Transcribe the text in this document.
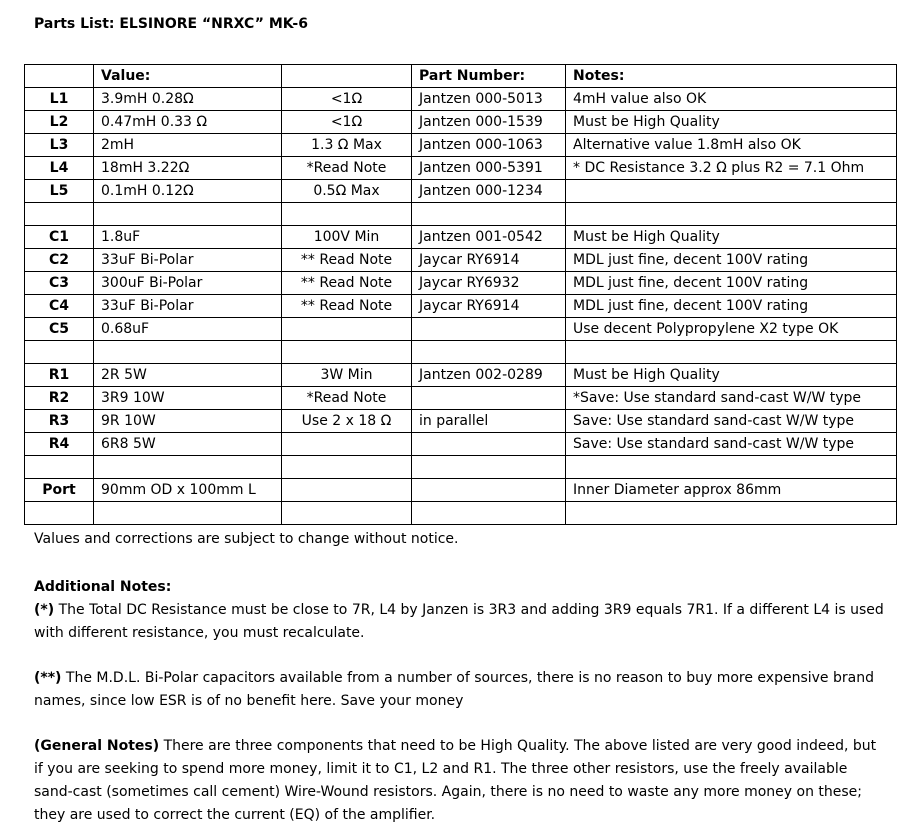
Parts List: ELSINORE “NRXC” MK-6
	Value:		Part Number:	Notes:
L1	3.9mH 0.28Ω	<1Ω	Jantzen 000-5013	4mH value also OK
L2	0.47mH 0.33 Ω	<1Ω	Jantzen 000-1539	Must be High Quality
L3	2mH	1.3 Ω Max	Jantzen 000-1063	Alternative value 1.8mH also OK
L4	18mH 3.22Ω	*Read Note	Jantzen 000-5391	* DC Resistance 3.2 Ω plus R2 = 7.1 Ohm
L5	0.1mH 0.12Ω	0.5Ω Max	Jantzen 000-1234	

C1	1.8uF	100V Min	Jantzen 001-0542	Must be High Quality
C2	33uF Bi-Polar	** Read Note	Jaycar RY6914	MDL just fine, decent 100V rating
C3	300uF Bi-Polar	** Read Note	Jaycar RY6932	MDL just fine, decent 100V rating
C4	33uF Bi-Polar	** Read Note	Jaycar RY6914	MDL just fine, decent 100V rating
C5	0.68uF			Use decent Polypropylene X2 type OK

R1	2R 5W	3W Min	Jantzen 002-0289	Must be High Quality
R2	3R9 10W	*Read Note		*Save: Use standard sand-cast W/W type
R3	9R 10W	Use 2 x 18 Ω	in parallel	Save: Use standard sand-cast W/W type
R4	6R8 5W			Save: Use standard sand-cast W/W type

Port	90mm OD x 100mm L			Inner Diameter approx 86mm

Values and corrections are subject to change without notice.

Additional Notes:

(*) The Total DC Resistance must be close to 7R, L4 by Janzen is 3R3 and adding 3R9 equals 7R1. If a different L4 is used with different resistance, you must recalculate.

(**) The M.D.L. Bi-Polar capacitors available from a number of sources, there is no reason to buy more expensive brand names, since low ESR is of no benefit here. Save your money

(General Notes) There are three components that need to be High Quality. The above listed are very good indeed, but if you are seeking to spend more money, limit it to C1, L2 and R1. The three other resistors, use the freely available sand-cast (sometimes call cement) Wire-Wound resistors. Again, there is no need to waste any more money on these; they are used to correct the current (EQ) of the amplifier.
